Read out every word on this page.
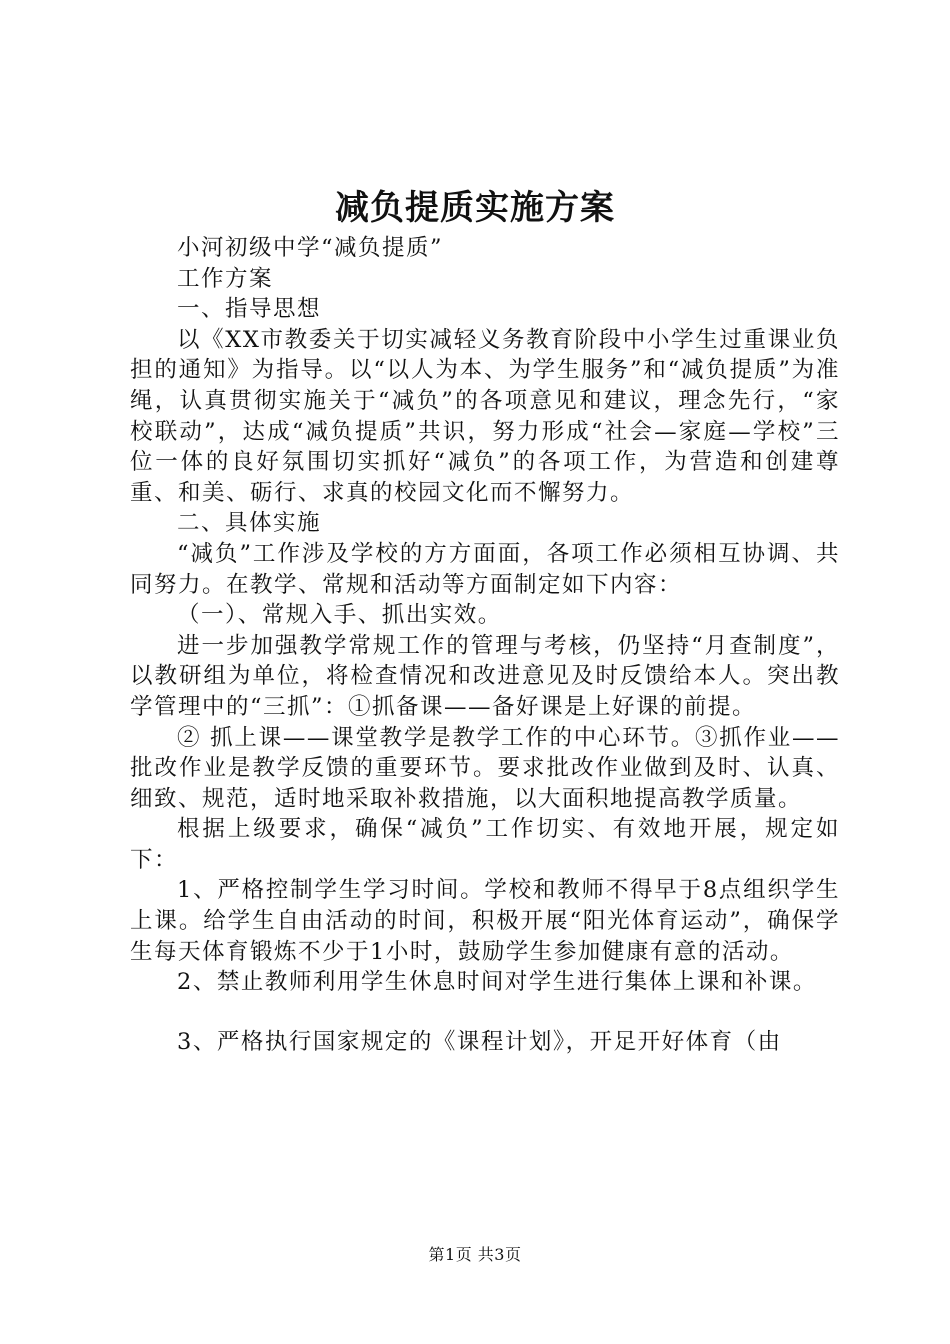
减负提质实施方案

小河初级中学“减负提质”

工作方案

一、指导思想

以《XX市教委关于切实减轻义务教育阶段中小学生过重课业负担的通知》为指导。以“以人为本、为学生服务”和“减负提质”为准绳，认真贯彻实施关于“减负”的各项意见和建议，理念先行，“家校联动”，达成“减负提质”共识，努力形成“社会—家庭—学校”三位一体的良好氛围切实抓好“减负”的各项工作，为营造和创建尊重、和美、砺行、求真的校园文化而不懈努力。

二、具体实施

“减负”工作涉及学校的方方面面，各项工作必须相互协调、共同努力。在教学、常规和活动等方面制定如下内容：

（一）、常规入手、抓出实效。

进一步加强教学常规工作的管理与考核，仍坚持“月查制度”，以教研组为单位，将检查情况和改进意见及时反馈给本人。突出教学管理中的“三抓”：①抓备课——备好课是上好课的前提。

② 抓上课——课堂教学是教学工作的中心环节。③抓作业——批改作业是教学反馈的重要环节。要求批改作业做到及时、认真、细致、规范，适时地采取补救措施，以大面积地提高教学质量。

根据上级要求，确保“减负”工作切实、有效地开展，规定如下：

1、严格控制学生学习时间。学校和教师不得早于8点组织学生上课。给学生自由活动的时间，积极开展“阳光体育运动”，确保学生每天体育锻炼不少于1小时，鼓励学生参加健康有意的活动。

2、禁止教师利用学生休息时间对学生进行集体上课和补课。

3、严格执行国家规定的《课程计划》，开足开好体育（由

第1页 共3页
